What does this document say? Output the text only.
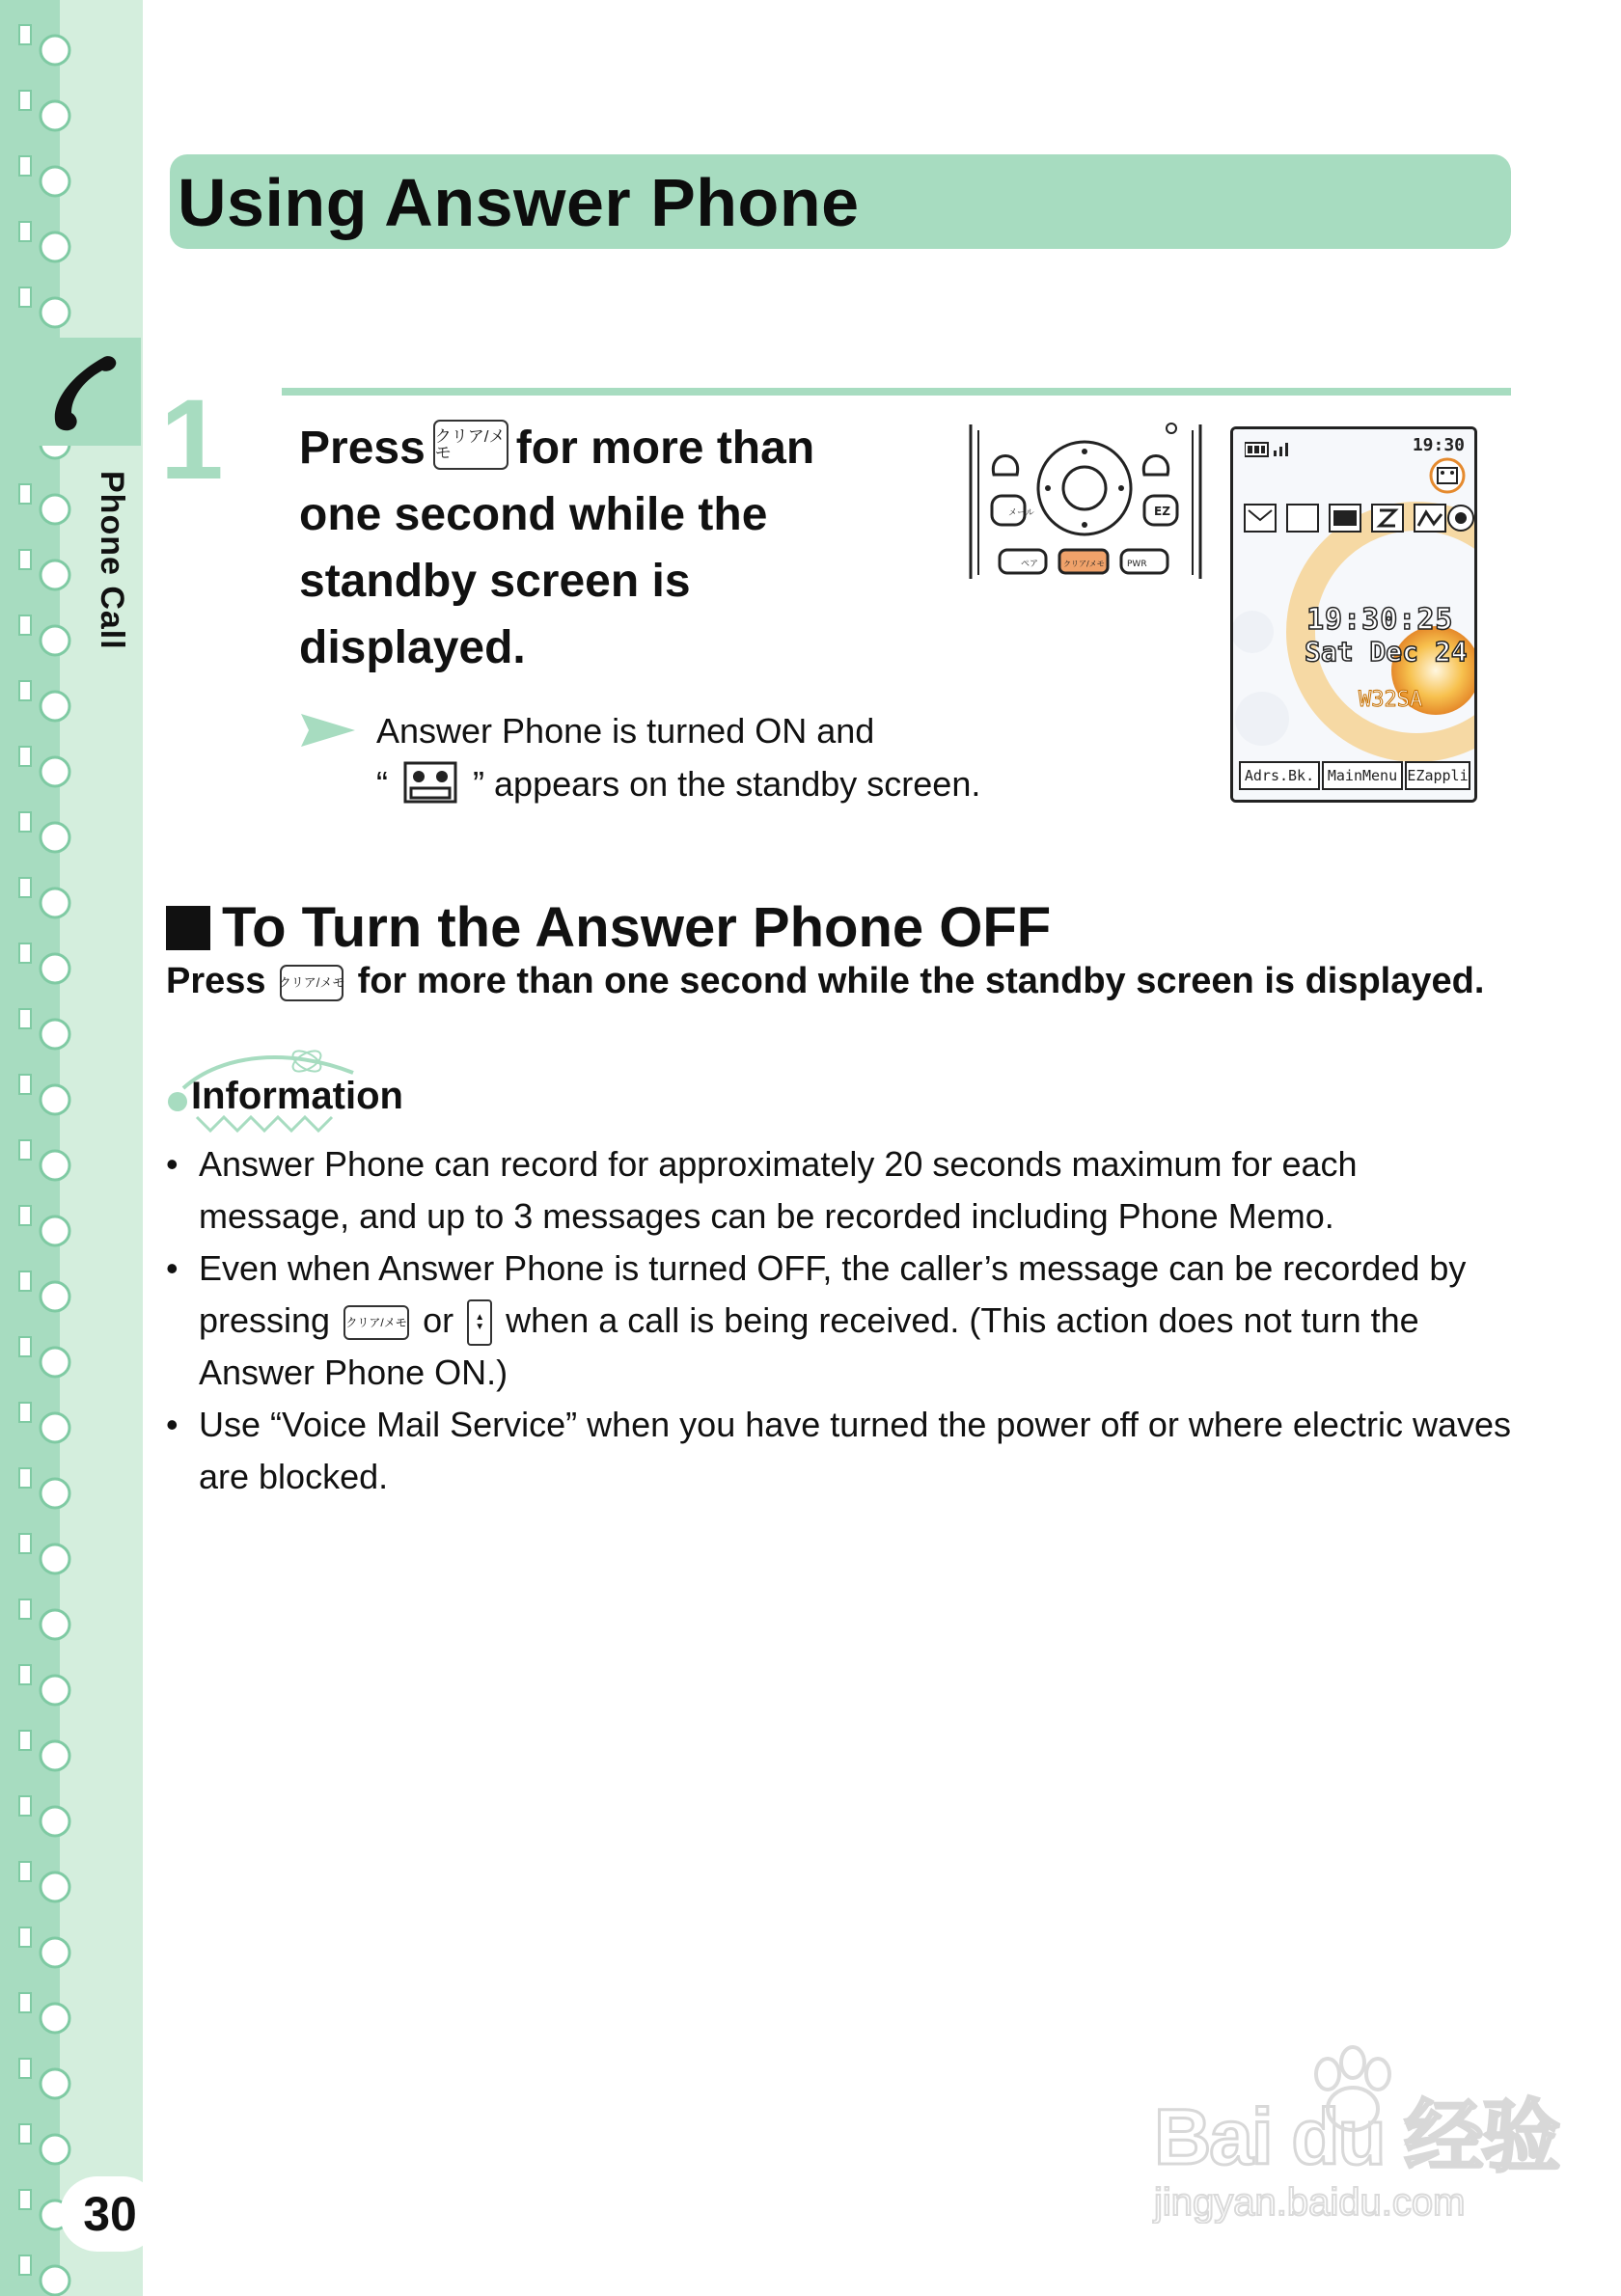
Phone Call
30
Using Answer Phone
1 Press クリア/メモ for more than
one second while the
standby screen is
displayed.

Answer Phone is turned ON and

“ ” appears on the standby screen.

メール	EZ
ペア	クリア/メモ	PWR
19:30
19:30:25
Sat Dec 24
W32SA
Adrs.Bk. MainMenu EZappli
To Turn the Answer Phone OFF
Press クリア/メモ for more than one second while the standby screen is displayed.
Information
• Answer Phone can record for approximately 20 seconds maximum for each message, and up to 3 messages can be recorded including Phone Memo.
• Even when Answer Phone is turned OFF, the caller’s message can be recorded by pressing クリア/メモ or ▲
▼ when a call is being received. (This action does not turn the Answer Phone ON.)
• Use “Voice Mail Service” when you have turned the power off or where electric waves are blocked.
Bai du 经验
jingyan.baidu.com
